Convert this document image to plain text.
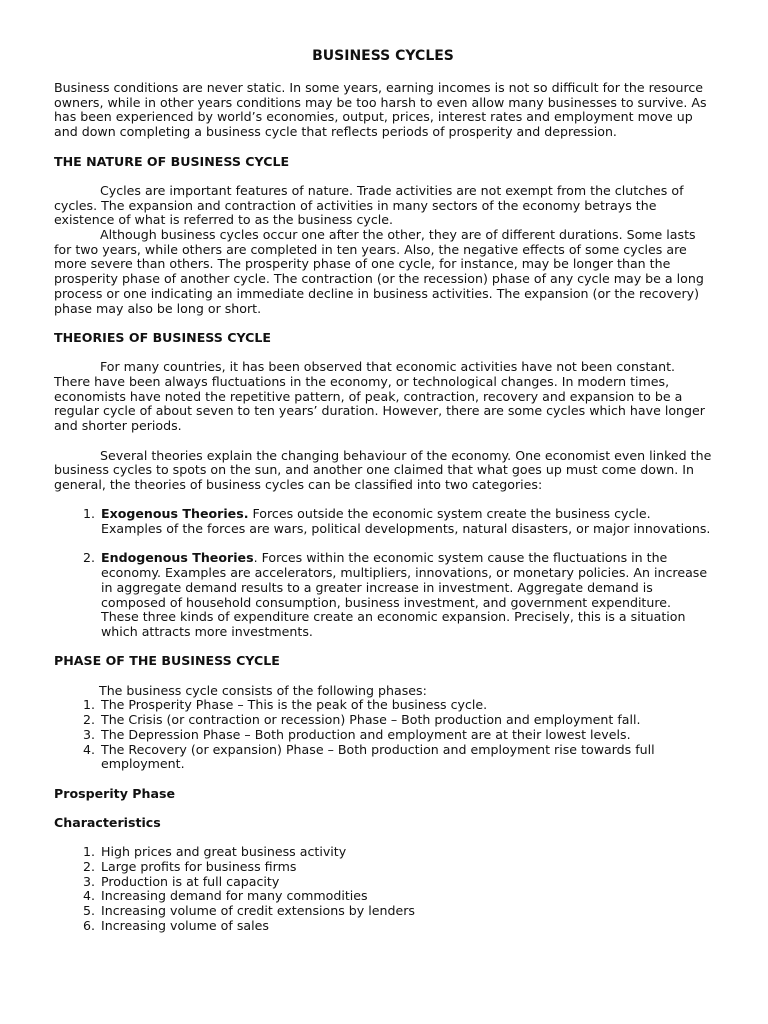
BUSINESS CYCLES

Business conditions are never static. In some years, earning incomes is not so difficult for the resource owners, while in other years conditions may be too harsh to even allow many businesses to survive. As has been experienced by world’s economies, output, prices, interest rates and employment move up and down completing a business cycle that reflects periods of prosperity and depression.

THE NATURE OF BUSINESS CYCLE

Cycles are important features of nature. Trade activities are not exempt from the clutches of cycles. The expansion and contraction of activities in many sectors of the economy betrays the existence of what is referred to as the business cycle.

Although business cycles occur one after the other, they are of different durations. Some lasts for two years, while others are completed in ten years. Also, the negative effects of some cycles are more severe than others. The prosperity phase of one cycle, for instance, may be longer than the prosperity phase of another cycle. The contraction (or the recession) phase of any cycle may be a long process or one indicating an immediate decline in business activities. The expansion (or the recovery) phase may also be long or short.

THEORIES OF BUSINESS CYCLE

For many countries, it has been observed that economic activities have not been constant. There have been always fluctuations in the economy, or technological changes. In modern times, economists have noted the repetitive pattern, of peak, contraction, recovery and expansion to be a regular cycle of about seven to ten years’ duration. However, there are some cycles which have longer and shorter periods.

Several theories explain the changing behaviour of the economy. One economist even linked the business cycles to spots on the sun, and another one claimed that what goes up must come down. In general, the theories of business cycles can be classified into two categories:

1. Exogenous Theories. Forces outside the economic system create the business cycle. Examples of the forces are wars, political developments, natural disasters, or major innovations.
2. Endogenous Theories. Forces within the economic system cause the fluctuations in the economy. Examples are accelerators, multipliers, innovations, or monetary policies. An increase in aggregate demand results to a greater increase in investment. Aggregate demand is composed of household consumption, business investment, and government expenditure. These three kinds of expenditure create an economic expansion. Precisely, this is a situation which attracts more investments.
PHASE OF THE BUSINESS CYCLE

The business cycle consists of the following phases:

1. The Prosperity Phase – This is the peak of the business cycle.
2. The Crisis (or contraction or recession) Phase – Both production and employment fall.
3. The Depression Phase – Both production and employment are at their lowest levels.
4. The Recovery (or expansion) Phase – Both production and employment rise towards full employment.
Prosperity Phase
Characteristics
1. High prices and great business activity
2. Large profits for business firms
3. Production is at full capacity
4. Increasing demand for many commodities
5. Increasing volume of credit extensions by lenders
6. Increasing volume of sales
